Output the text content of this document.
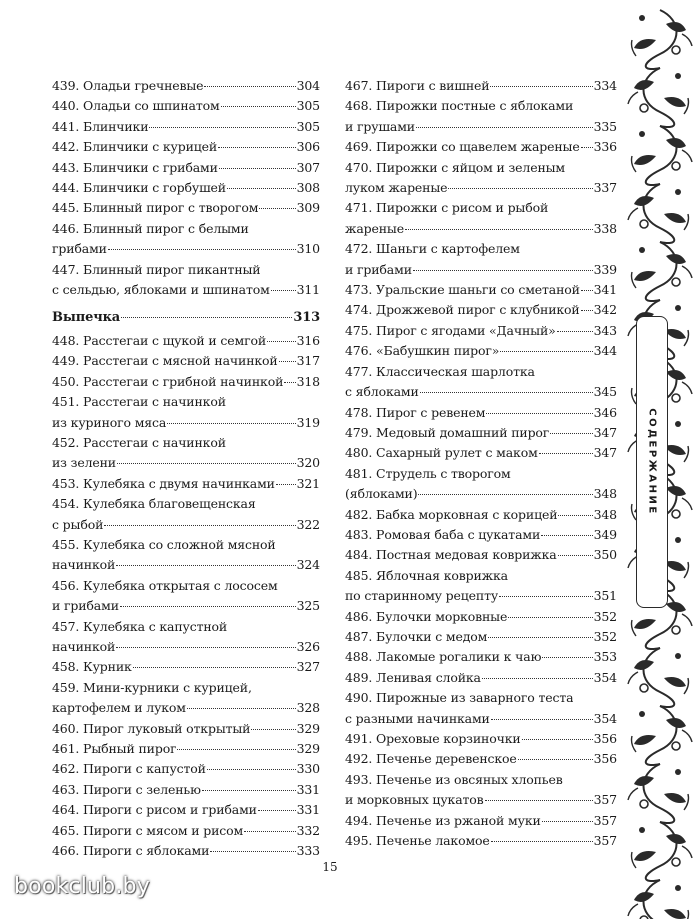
439. Оладьи гречневые	304
440. Оладьи со шпинатом	305
441. Блинчики	305
442. Блинчики с курицей	306
443. Блинчики с грибами	307
444. Блинчики с горбушей	308
445. Блинный пирог с творогом	309
446. Блинный пирог с белыми
грибами	310
447. Блинный пирог пикантный
с сельдью, яблоками и шпинатом 311
Выпечка	313
448. Расстегаи с щукой и семгой 316
449. Расстегаи с мясной начинкой 317
450. Расстегаи с грибной начинкой 318
451. Расстегаи с начинкой
из куриного мяса	319
452. Расстегаи с начинкой
из зелени	320
453. Кулебяка с двумя начинками 321
454. Кулебяка благовещенская
с рыбой	322
455. Кулебяка со сложной мясной
начинкой	324
456. Кулебяка открытая с лососем
и грибами	325
457. Кулебяка с капустной
начинкой	326
458. Курник	327
459. Мини-курники с курицей,
картофелем и луком	328
460. Пирог луковый открытый	329
461. Рыбный пирог	329
462. Пироги с капустой	330
463. Пироги с зеленью	331
464. Пироги с рисом и грибами	331
465. Пироги с мясом и рисом	332
466. Пироги с яблоками	333
467. Пироги с вишней	334
468. Пирожки постные с яблоками
и грушами	335
469. Пирожки со щавелем жареные 336
470. Пирожки с яйцом и зеленым
луком жареные	337
471. Пирожки с рисом и рыбой
жареные	338
472. Шаньги с картофелем
и грибами	339
473. Уральские шаньги со сметаной 341
474. Дрожжевой пирог с клубникой 342
475. Пирог с ягодами «Дачный»	343
476. «Бабушкин пирог»	344
477. Классическая шарлотка
с яблоками	345
478. Пирог с ревенем	346
479. Медовый домашний пирог	347
480. Сахарный рулет с маком	347
481. Струдель с творогом
(яблоками)	348
482. Бабка морковная с корицей	348
483. Ромовая баба с цукатами	349
484. Постная медовая коврижка	350
485. Яблочная коврижка
по старинному рецепту	351
486. Булочки морковные	352
487. Булочки с медом	352
488. Лакомые рогалики к чаю	353
489. Ленивая слойка	354
490. Пирожные из заварного теста
с разными начинками	354
491. Ореховые корзиночки	356
492. Печенье деревенское	356
493. Печенье из овсяных хлопьев
и морковных цукатов	357
494. Печенье из ржаной муки	357
495. Печенье лакомое	357
СОДЕРЖАНИЕ
15
bookclub.by
